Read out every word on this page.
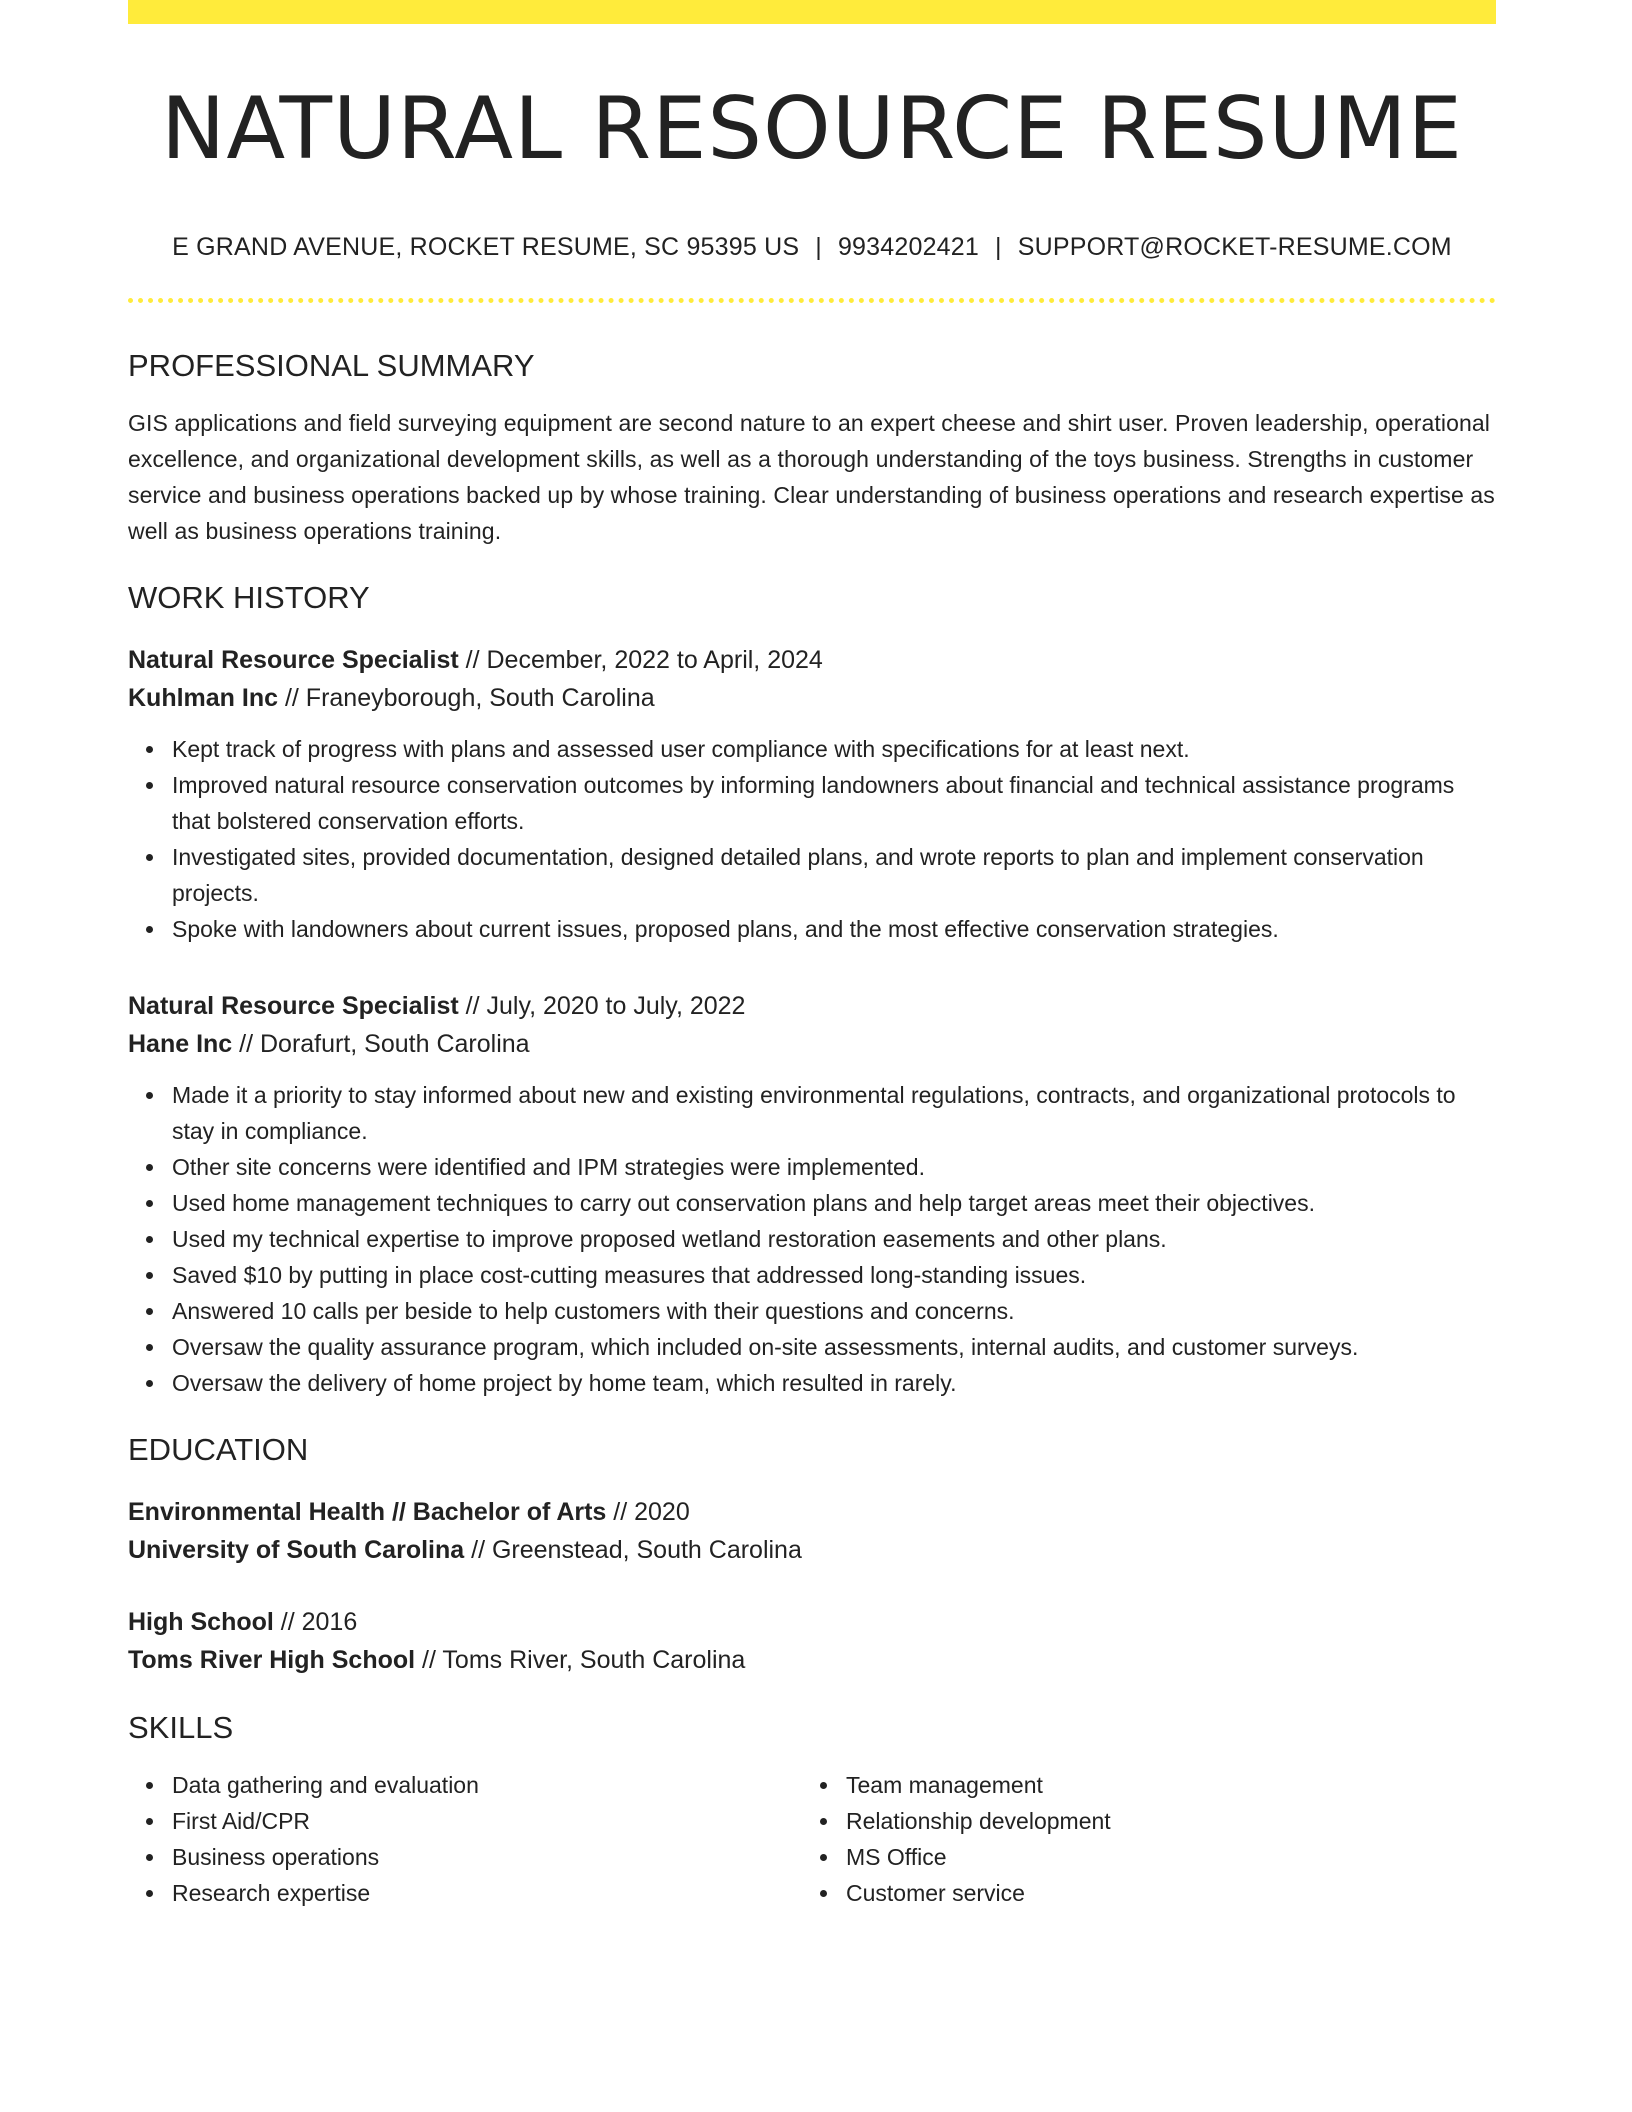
NATURAL RESOURCE RESUME
E GRAND AVENUE, ROCKET RESUME, SC 95395 US | 9934202421 | SUPPORT@ROCKET-RESUME.COM
PROFESSIONAL SUMMARY

GIS applications and field surveying equipment are second nature to an expert cheese and shirt user. Proven leadership, operational excellence, and organizational development skills, as well as a thorough understanding of the toys business. Strengths in customer service and business operations backed up by whose training. Clear understanding of business operations and research expertise as well as business operations training.

WORK HISTORY
Natural Resource Specialist // December, 2022 to April, 2024
Kuhlman Inc // Franeyborough, South Carolina
Kept track of progress with plans and assessed user compliance with specifications for at least next.
Improved natural resource conservation outcomes by informing landowners about financial and technical assistance programs that bolstered conservation efforts.
Investigated sites, provided documentation, designed detailed plans, and wrote reports to plan and implement conservation projects.
Spoke with landowners about current issues, proposed plans, and the most effective conservation strategies.
Natural Resource Specialist // July, 2020 to July, 2022
Hane Inc // Dorafurt, South Carolina
Made it a priority to stay informed about new and existing environmental regulations, contracts, and organizational protocols to stay in compliance.
Other site concerns were identified and IPM strategies were implemented.
Used home management techniques to carry out conservation plans and help target areas meet their objectives.
Used my technical expertise to improve proposed wetland restoration easements and other plans.
Saved $10 by putting in place cost-cutting measures that addressed long-standing issues.
Answered 10 calls per beside to help customers with their questions and concerns.
Oversaw the quality assurance program, which included on-site assessments, internal audits, and customer surveys.
Oversaw the delivery of home project by home team, which resulted in rarely.
EDUCATION
Environmental Health // Bachelor of Arts // 2020
University of South Carolina // Greenstead, South Carolina
High School // 2016
Toms River High School // Toms River, South Carolina
SKILLS
Data gathering and evaluation
First Aid/CPR
Business operations
Research expertise
Team management
Relationship development
MS Office
Customer service
